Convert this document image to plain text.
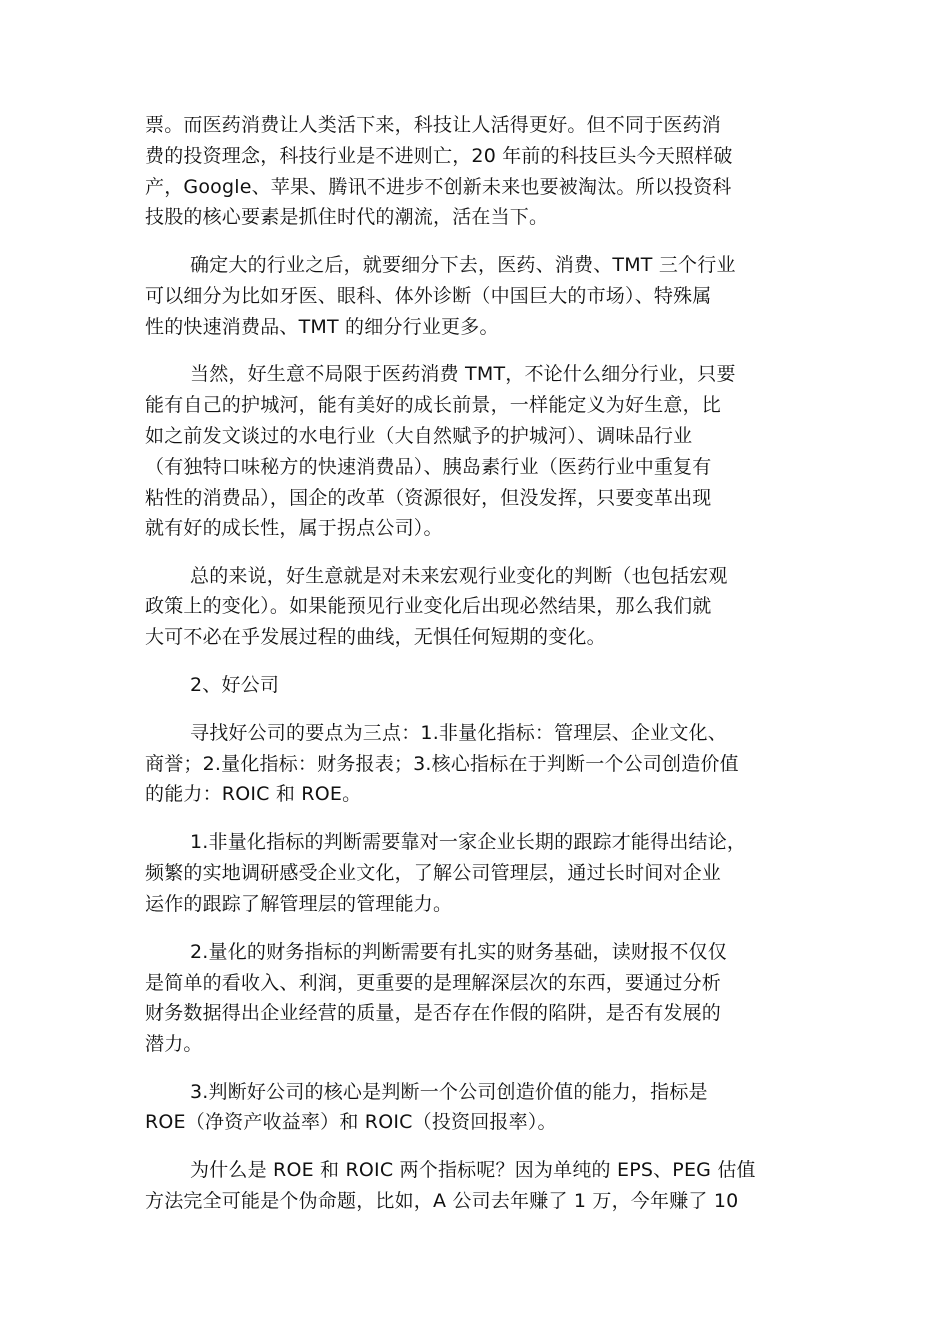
票。而医药消费让人类活下来，科技让人活得更好。但不同于医药消
费的投资理念，科技行业是不进则亡，20 年前的科技巨头今天照样破
产，Google、苹果、腾讯不进步不创新未来也要被淘汰。所以投资科
技股的核心要素是抓住时代的潮流，活在当下。
确定大的行业之后，就要细分下去，医药、消费、TMT 三个行业
可以细分为比如牙医、眼科、体外诊断（中国巨大的市场）、特殊属
性的快速消费品、TMT 的细分行业更多。
当然，好生意不局限于医药消费 TMT，不论什么细分行业，只要
能有自己的护城河，能有美好的成长前景，一样能定义为好生意，比
如之前发文谈过的水电行业（大自然赋予的护城河）、调味品行业
（有独特口味秘方的快速消费品）、胰岛素行业（医药行业中重复有
粘性的消费品），国企的改革（资源很好，但没发挥，只要变革出现
就有好的成长性，属于拐点公司）。
总的来说，好生意就是对未来宏观行业变化的判断（也包括宏观
政策上的变化）。如果能预见行业变化后出现必然结果，那么我们就
大可不必在乎发展过程的曲线，无惧任何短期的变化。
2、好公司
寻找好公司的要点为三点：1.非量化指标：管理层、企业文化、
商誉；2.量化指标：财务报表；3.核心指标在于判断一个公司创造价值
的能力：ROIC 和 ROE。
1.非量化指标的判断需要靠对一家企业长期的跟踪才能得出结论，
频繁的实地调研感受企业文化，了解公司管理层，通过长时间对企业
运作的跟踪了解管理层的管理能力。
2.量化的财务指标的判断需要有扎实的财务基础，读财报不仅仅
是简单的看收入、利润，更重要的是理解深层次的东西，要通过分析
财务数据得出企业经营的质量，是否存在作假的陷阱，是否有发展的
潜力。
3.判断好公司的核心是判断一个公司创造价值的能力，指标是
ROE（净资产收益率）和 ROIC（投资回报率）。
为什么是 ROE 和 ROIC 两个指标呢？因为单纯的 EPS、PEG 估值
方法完全可能是个伪命题，比如，A 公司去年赚了 1 万，今年赚了 10
